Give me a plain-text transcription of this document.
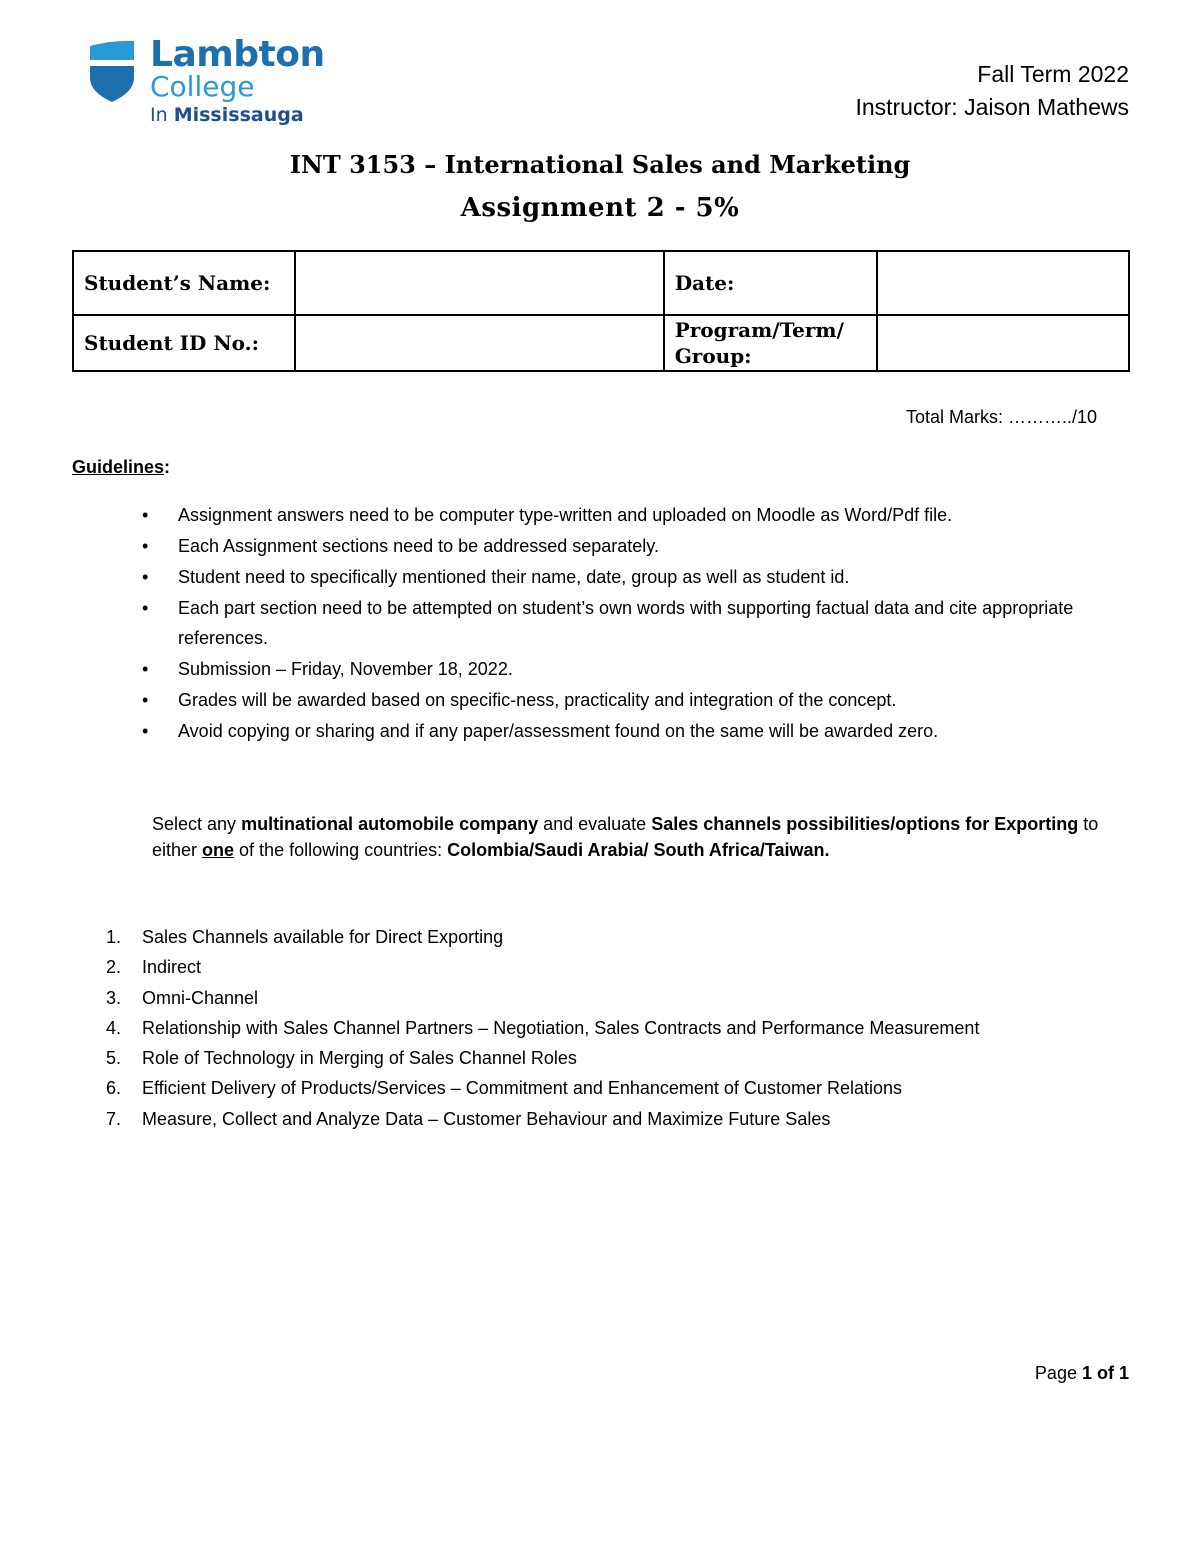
Lambton
College
In Mississauga
Fall Term 2022
Instructor: Jaison Mathews
INT 3153 – International Sales and Marketing
Assignment 2 - 5%
Student’s Name:		Date:	
Student ID No.:		Program/Term/
Group:	

Total Marks: ………../10
Guidelines:
• Assignment answers need to be computer type-written and uploaded on Moodle as Word/Pdf file.
• Each Assignment sections need to be addressed separately.
• Student need to specifically mentioned their name, date, group as well as student id.
• Each part section need to be attempted on student’s own words with supporting factual data and cite appropriate references.
• Submission – Friday, November 18, 2022.
• Grades will be awarded based on specific-ness, practicality and integration of the concept.
• Avoid copying or sharing and if any paper/assessment found on the same will be awarded zero.
Select any multinational automobile company and evaluate Sales channels possibilities/options for Exporting to either one of the following countries: Colombia/Saudi Arabia/ South Africa/Taiwan.
1. Sales Channels available for Direct Exporting
2. Indirect
3. Omni-Channel
4. Relationship with Sales Channel Partners – Negotiation, Sales Contracts and Performance Measurement
5. Role of Technology in Merging of Sales Channel Roles
6. Efficient Delivery of Products/Services – Commitment and Enhancement of Customer Relations
7. Measure, Collect and Analyze Data – Customer Behaviour and Maximize Future Sales
Page 1 of 1
